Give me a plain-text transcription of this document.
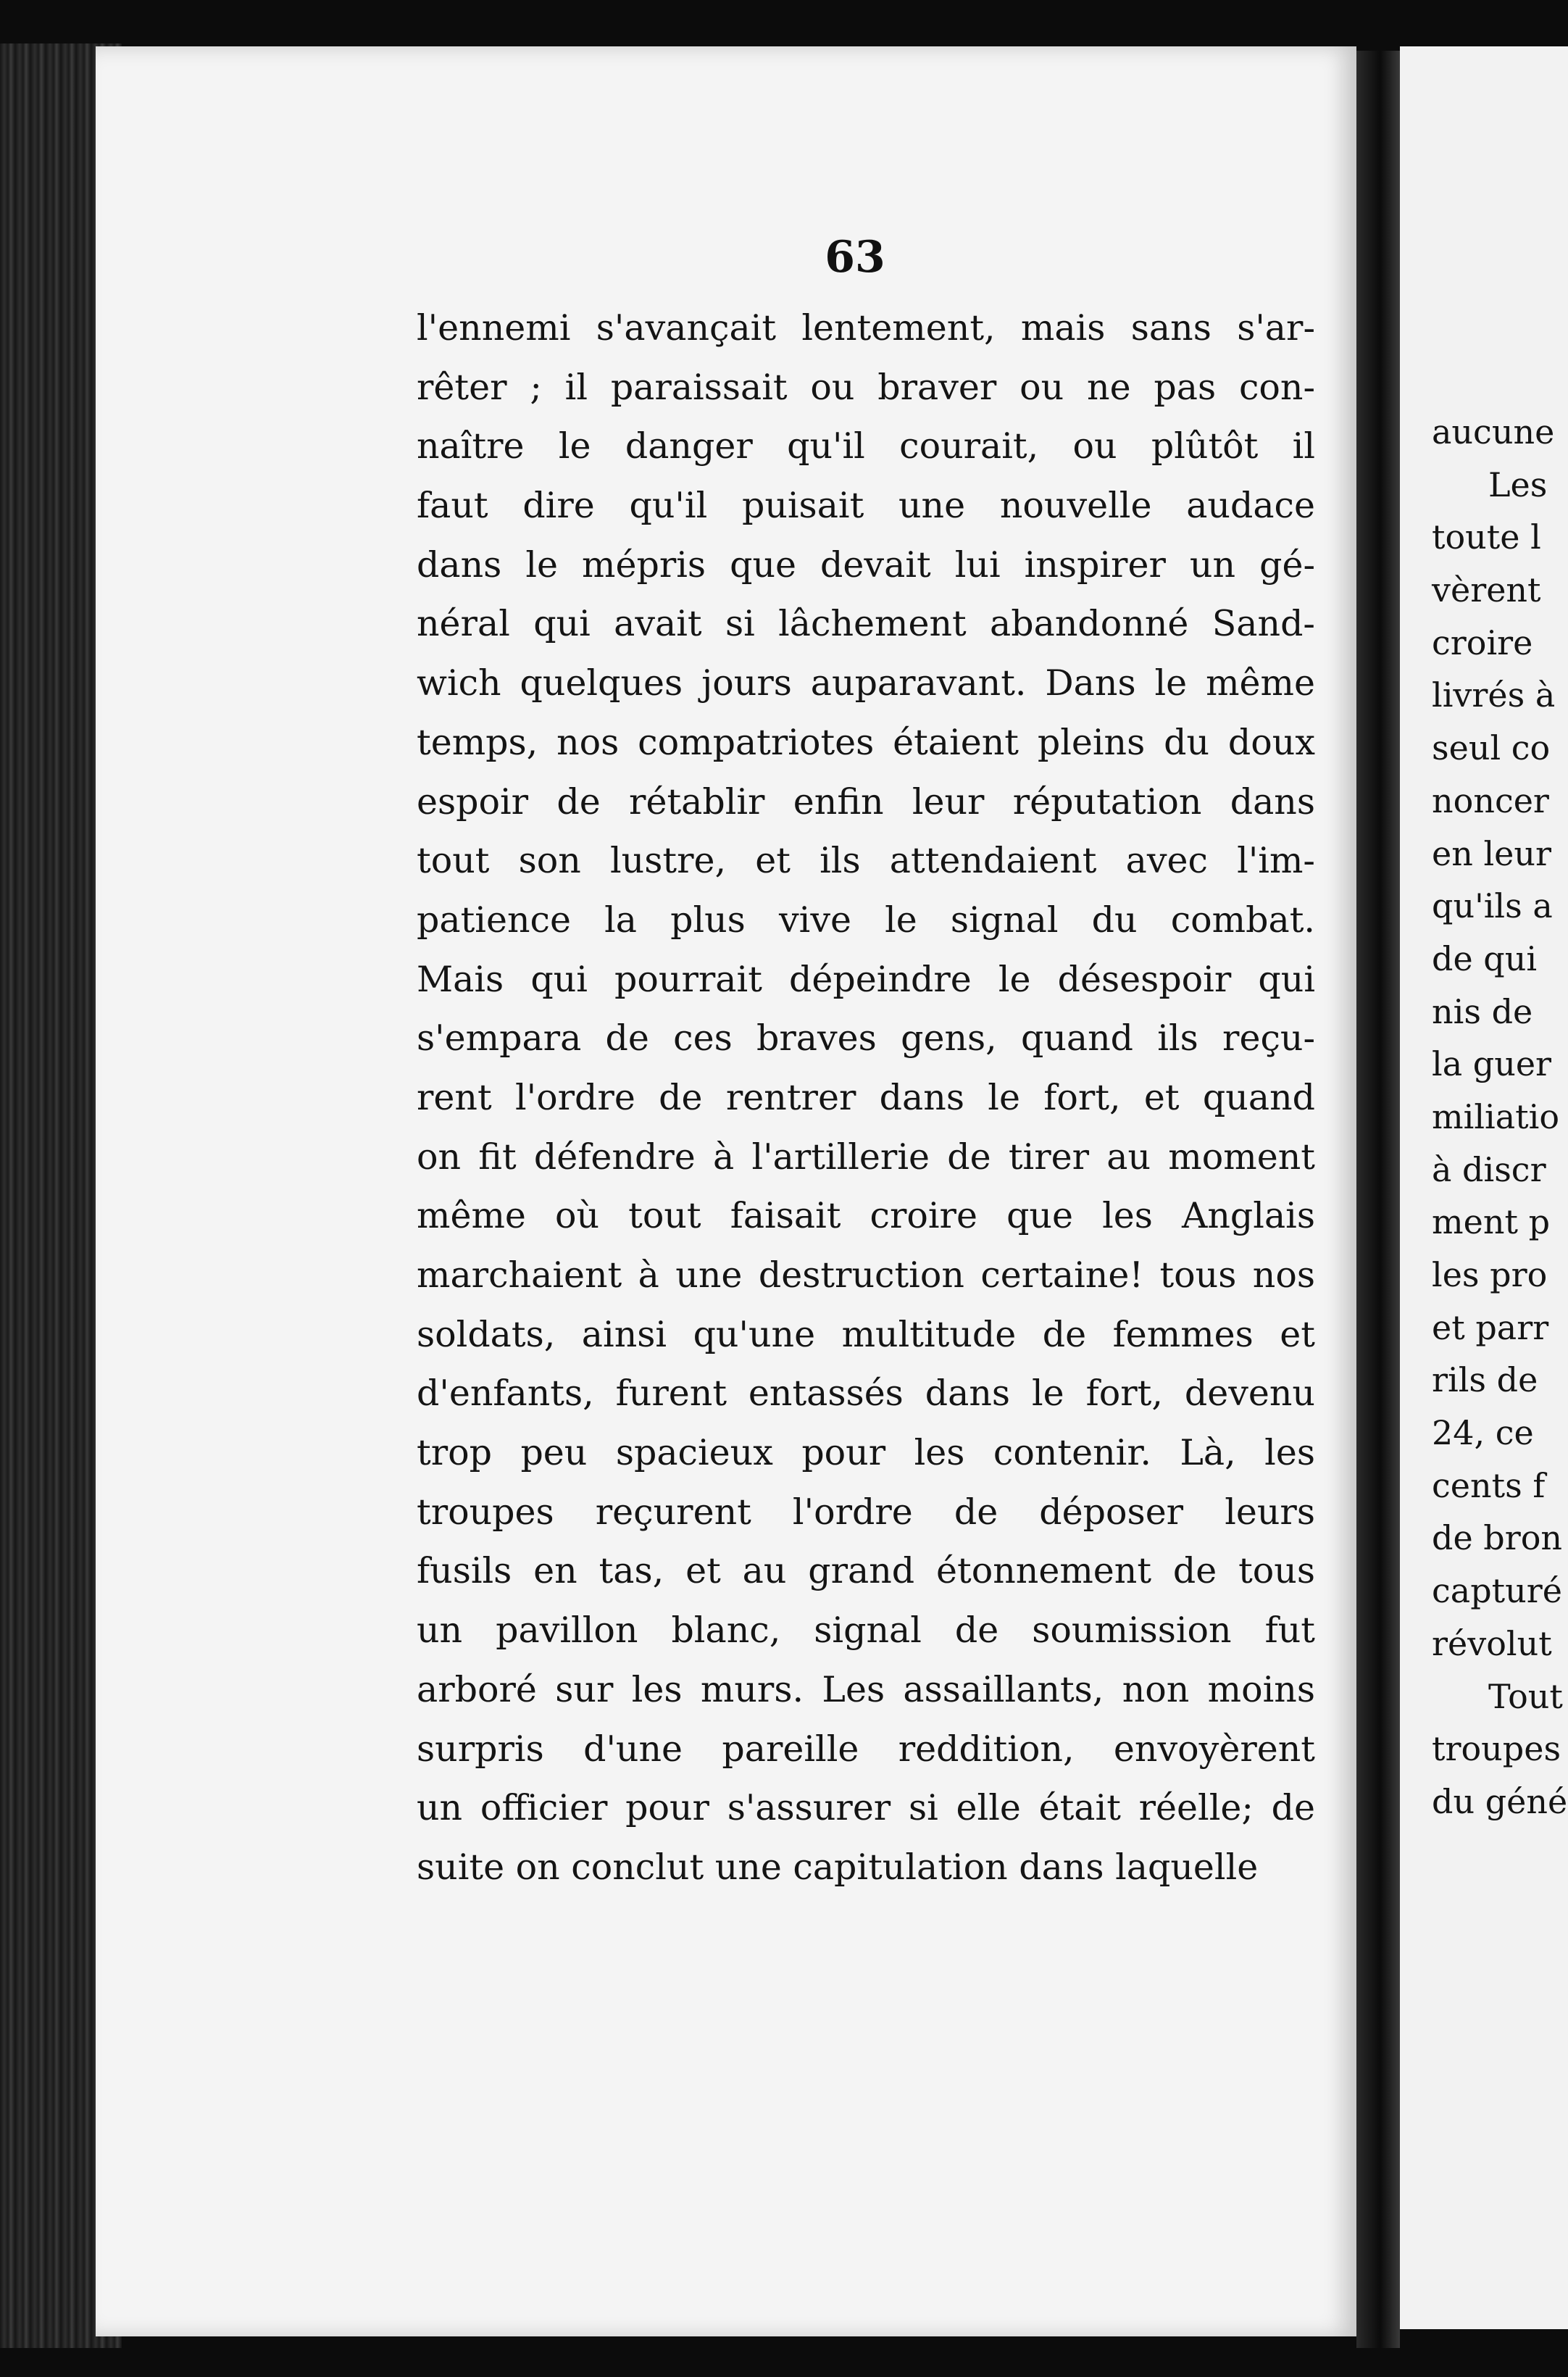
63
l'ennemi s'avançait lentement, mais sans s'ar-
rêter ; il paraissait ou braver ou ne pas con-
naître le danger qu'il courait, ou plûtôt il
faut dire qu'il puisait une nouvelle audace
dans le mépris que devait lui inspirer un gé-
néral qui avait si lâchement abandonné Sand-
wich quelques jours auparavant. Dans le même
temps, nos compatriotes étaient pleins du doux
espoir de rétablir enfin leur réputation dans
tout son lustre, et ils attendaient avec l'im-
patience la plus vive le signal du combat.
Mais qui pourrait dépeindre le désespoir qui
s'empara de ces braves gens, quand ils reçu-
rent l'ordre de rentrer dans le fort, et quand
on fit défendre à l'artillerie de tirer au moment
même où tout faisait croire que les Anglais
marchaient à une destruction certaine! tous nos
soldats, ainsi qu'une multitude de femmes et
d'enfants, furent entassés dans le fort, devenu
trop peu spacieux pour les contenir. Là, les
troupes reçurent l'ordre de déposer leurs
fusils en tas, et au grand étonnement de tous
un pavillon blanc, signal de soumission fut
arboré sur les murs. Les assaillants, non moins
surpris d'une pareille reddition, envoyèrent
un officier pour s'assurer si elle était réelle; de
suite on conclut une capitulation dans laquelle
aucune
Les
toute l
vèrent
croire
livrés à
seul co
noncer
en leur
qu'ils a
de qui
nis de
la guer
miliatio
à discr
ment p
les pro
et parr
rils de
24, ce
cents f
de bron
capturé
révolut
Tout
troupes
du géné
